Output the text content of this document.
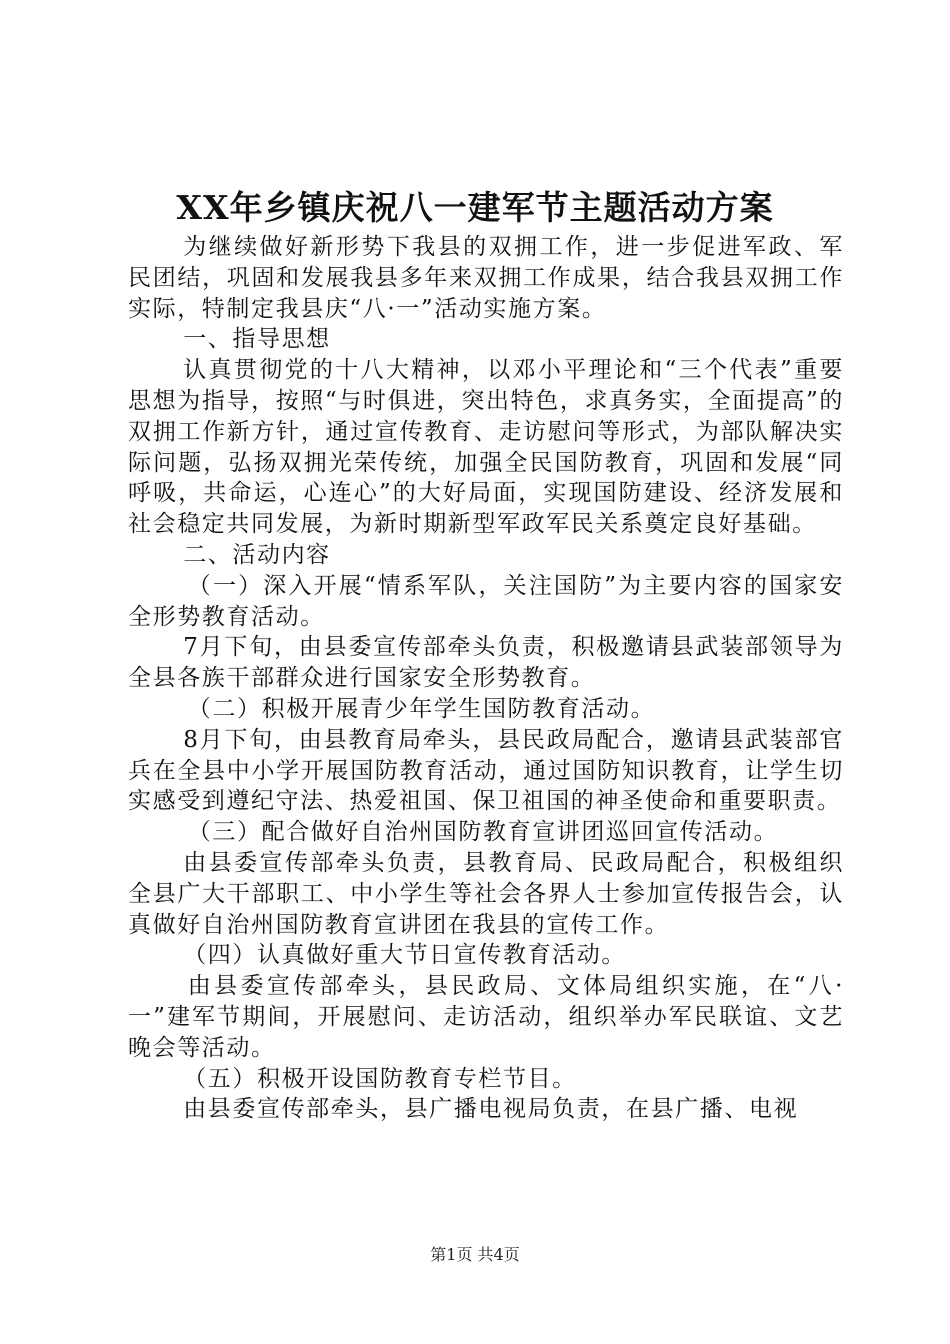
XX年乡镇庆祝八一建军节主题活动方案

为继续做好新形势下我县的双拥工作，进一步促进军政、军民团结，巩固和发展我县多年来双拥工作成果，结合我县双拥工作实际，特制定我县庆“八·一”活动实施方案。

一、指导思想

认真贯彻党的十八大精神，以邓小平理论和“三个代表”重要思想为指导，按照“与时俱进，突出特色，求真务实，全面提高”的双拥工作新方针，通过宣传教育、走访慰问等形式，为部队解决实际问题，弘扬双拥光荣传统，加强全民国防教育，巩固和发展“同呼吸，共命运，心连心”的大好局面，实现国防建设、经济发展和社会稳定共同发展，为新时期新型军政军民关系奠定良好基础。

二、活动内容

（一）深入开展“情系军队，关注国防”为主要内容的国家安全形势教育活动。

7月下旬，由县委宣传部牵头负责，积极邀请县武装部领导为全县各族干部群众进行国家安全形势教育。

（二）积极开展青少年学生国防教育活动。

8月下旬，由县教育局牵头，县民政局配合，邀请县武装部官兵在全县中小学开展国防教育活动，通过国防知识教育，让学生切实感受到遵纪守法、热爱祖国、保卫祖国的神圣使命和重要职责。

（三）配合做好自治州国防教育宣讲团巡回宣传活动。

由县委宣传部牵头负责，县教育局、民政局配合，积极组织全县广大干部职工、中小学生等社会各界人士参加宣传报告会，认真做好自治州国防教育宣讲团在我县的宣传工作。

（四）认真做好重大节日宣传教育活动。

由县委宣传部牵头，县民政局、文体局组织实施，在“八·一”建军节期间，开展慰问、走访活动，组织举办军民联谊、文艺晚会等活动。

（五）积极开设国防教育专栏节目。

由县委宣传部牵头，县广播电视局负责，在县广播、电视

第1页 共4页
